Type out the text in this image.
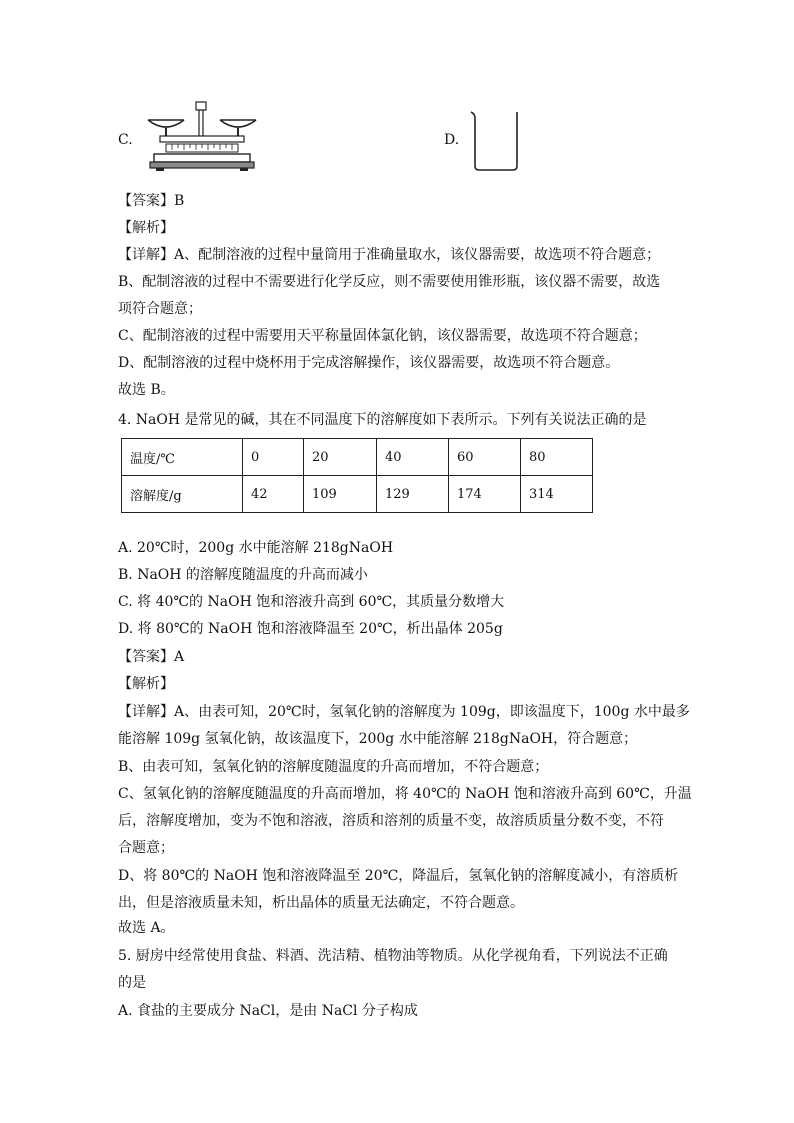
C.	D.
【答案】B
【解析】
【详解】A、配制溶液的过程中量筒用于准确量取水，该仪器需要，故选项不符合题意；
B、配制溶液的过程中不需要进行化学反应，则不需要使用锥形瓶，该仪器不需要，故选
项符合题意；
C、配制溶液的过程中需要用天平称量固体氯化钠，该仪器需要，故选项不符合题意；
D、配制溶液的过程中烧杯用于完成溶解操作，该仪器需要，故选项不符合题意。
故选 B。
4. NaOH 是常见的碱，其在不同温度下的溶解度如下表所示。下列有关说法正确的是
温度/℃	0	20	40	60	80
溶解度/g	42	109	129	174	314
A. 20℃时，200g 水中能溶解 218gNaOH
B. NaOH 的溶解度随温度的升高而减小
C. 将 40℃的 NaOH 饱和溶液升高到 60℃，其质量分数增大
D. 将 80℃的 NaOH 饱和溶液降温至 20℃，析出晶体 205g
【答案】A
【解析】
【详解】A、由表可知，20℃时，氢氧化钠的溶解度为 109g，即该温度下，100g 水中最多
能溶解 109g 氢氧化钠，故该温度下，200g 水中能溶解 218gNaOH，符合题意；
B、由表可知，氢氧化钠的溶解度随温度的升高而增加，不符合题意；
C、氢氧化钠的溶解度随温度的升高而增加，将 40℃的 NaOH 饱和溶液升高到 60℃，升温
后，溶解度增加，变为不饱和溶液，溶质和溶剂的质量不变，故溶质质量分数不变，不符
合题意；
D、将 80℃的 NaOH 饱和溶液降温至 20℃，降温后，氢氧化钠的溶解度减小，有溶质析
出，但是溶液质量未知，析出晶体的质量无法确定，不符合题意。
故选 A。
5. 厨房中经常使用食盐、料酒、洗洁精、植物油等物质。从化学视角看，下列说法不正确
的是
A. 食盐的主要成分 NaCl，是由 NaCl 分子构成
